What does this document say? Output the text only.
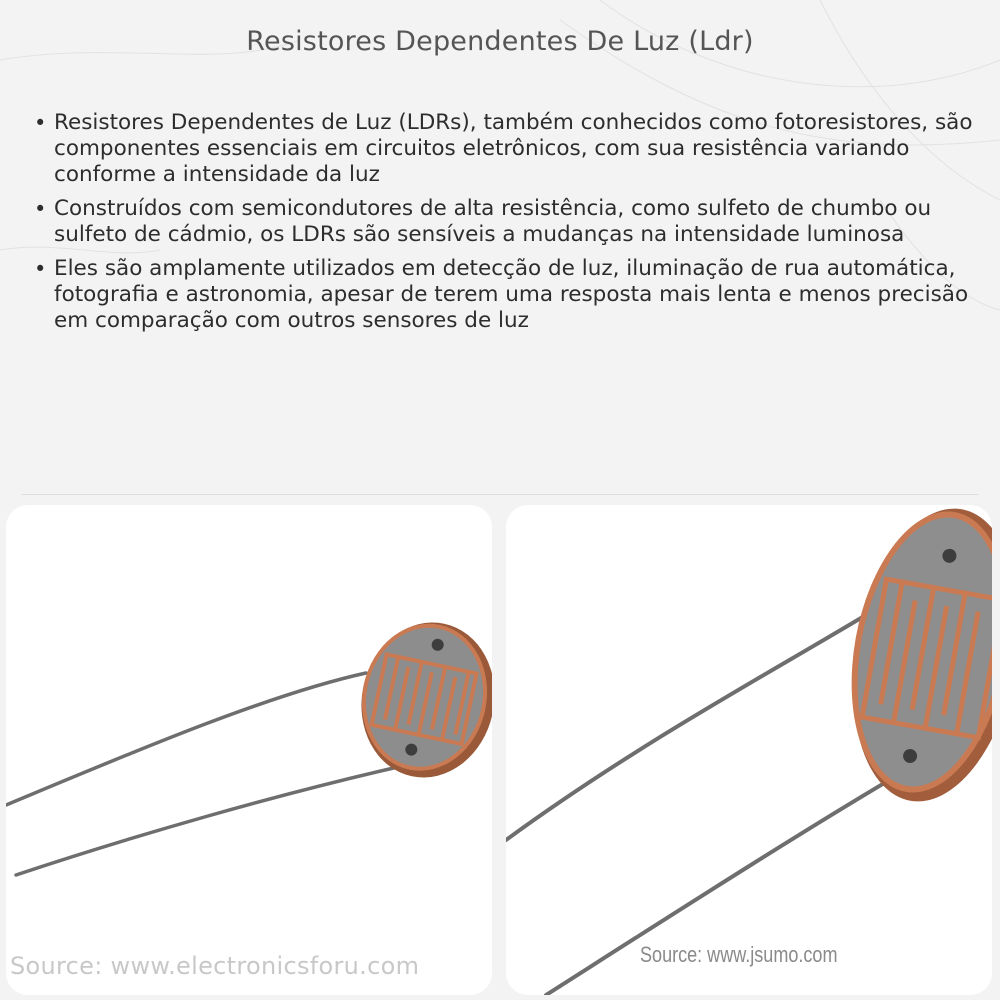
Resistores Dependentes De Luz (Ldr)
• Resistores Dependentes de Luz (LDRs), também conhecidos como fotoresistores, são componentes essenciais em circuitos eletrônicos, com sua resistência variando conforme a intensidade da luz
• Construídos com semicondutores de alta resistência, como sulfeto de chumbo ou sulfeto de cádmio, os LDRs são sensíveis a mudanças na intensidade luminosa
• Eles são amplamente utilizados em detecção de luz, iluminação de rua automática, fotografia e astronomia, apesar de terem uma resposta mais lenta e menos precisão em comparação com outros sensores de luz
Source: www.electronicsforu.com	Source: www.jsumo.com
